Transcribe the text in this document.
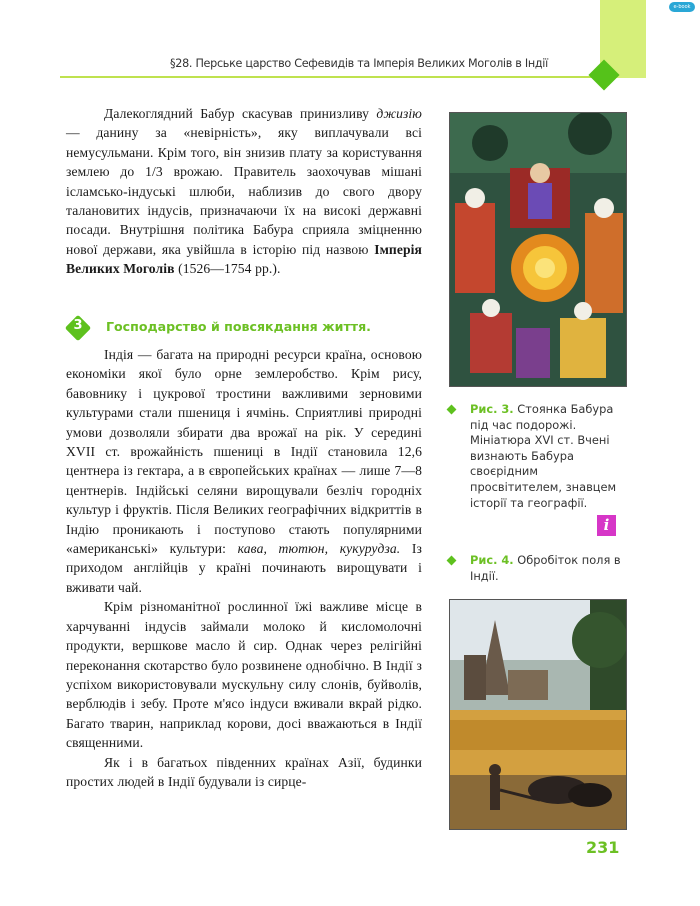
e-book
§28. Перське царство Сефевидів та Імперія Великих Моголів в Індії

Далекоглядний Бабур скасував принизливу джизію — данину за «невірність», яку виплачували всі немусульмани. Крім того, він знизив плату за користування землею до 1/3 врожаю. Правитель заохочував мішані ісламсько-індуські шлюби, наблизив до свого двору талановитих індусів, призначаючи їх на високі державні посади. Внутрішня політика Бабура сприяла зміцненню нової держави, яка увійшла в історію під назвою Імперія Великих Моголів (1526—1754 рр.).

3	Господарство й повсякдання життя.

Індія — багата на природні ресурси країна, основою економіки якої було орне землеробство. Крім рису, бавовнику і цукрової тростини важливими зерновими культурами стали пшениця і ячмінь. Сприятливі природні умови дозволяли збирати два врожаї на рік. У середині XVII ст. врожайність пшениці в Індії становила 12,6 центнера із гектара, а в європейських країнах — лише 7—8 центнерів. Індійські селяни вирощували безліч городніх культур і фруктів. Після Великих географічних відкриттів в Індію проникають і поступово стають популярними «американські» культури: кава, тютюн, кукурудза. Із приходом англійців у країні починають вирощувати і вживати чай.

Крім різноманітної рослинної їжі важливе місце в харчуванні індусів займали молоко й кисломолочні продукти, вершкове масло й сир. Однак через релігійні переконання скотарство було розвинене однобічно. В Індії з успіхом використовували мускульну силу слонів, буйволів, верблюдів і зебу. Проте м'ясо індуси вживали вкрай рідко. Багато тварин, наприклад корови, досі вважаються в Індії священними.

Як і в багатьох південних країнах Азії, будинки простих людей в Індії будували із сирце-

Рис. 3. Стоянка Бабура під час подорожі. Мініатюра XVI ст. Вчені визнають Бабура своєрідним просвітителем, знавцем історії та географії.
i
Рис. 4. Обробіток поля в Індії.
231
